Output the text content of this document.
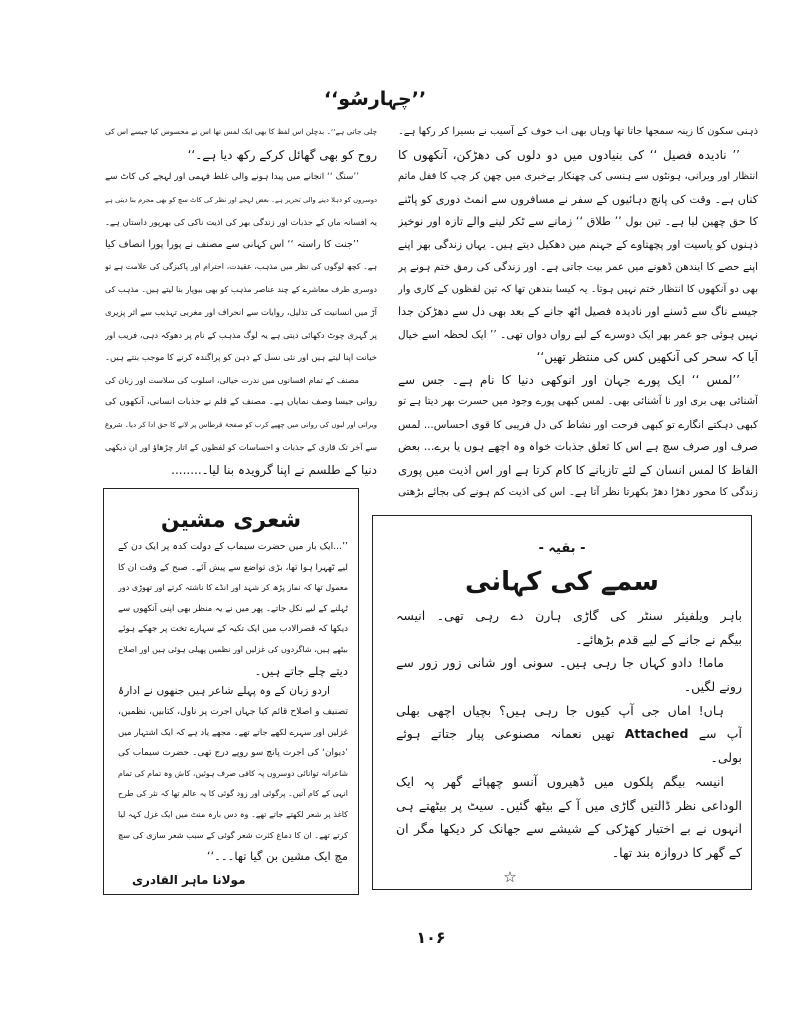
’’چہارسُو‘‘
ذہنی سکون کا زینہ سمجھا جاتا تھا وہاں بھی اب خوف کے آسیب نے بسیرا کر رکھا ہے۔
’’ نادیدہ فصیل ‘‘ کی بنیادوں میں دو دلوں کی دھڑکن، آنکھوں کا
انتظار اور ویرانی، ہونٹوں سے ہنسی کی چھنکار بےخبری میں چھن کر چپ کا قفل ماتم
کناں ہے۔ وقت کی پانچ دہائیوں کے سفر نے مسافروں سے انمٹ دوری کو پاٹنے
کا حق چھین لیا ہے۔ تین بول ’’ طلاق ‘‘ زمانے سے ٹکر لینے والے تازہ اور نوخیز
ذہنوں کو یاسیت اور پچھتاوے کے جہنم میں دھکیل دیتے ہیں۔ یہاں زندگی بھر اپنے
اپنے حصے کا ایندھن ڈھونے میں عمر بیت جاتی ہے۔ اور زندگی کی رمق ختم ہونے پر
بھی دو آنکھوں کا انتظار ختم نہیں ہوتا۔ یہ کیسا بندھن تھا کہ تین لفظوں کے کاری وار
جیسے ناگ سے ڈسنے اور نادیدہ فصیل اٹھ جانے کے بعد بھی دل سے دھڑکن جدا
نہیں ہوئی جو عمر بھر ایک دوسرے کے لیے رواں دواں تھی۔ ’’ ایک لحظہ اسے خیال
آیا کہ سحر کی آنکھیں کس کی منتظر تھیں‘‘
’’لمس ‘‘ ایک پورے جہان اور انوکھی دنیا کا نام ہے۔ جس سے
آشنائی بھی بری اور نا آشنائی بھی۔ لمس کبھی پورے وجود میں حسرت بھر دیتا ہے تو
کبھی دہکتے انگارے تو کبھی فرحت اور نشاط کی دل فریبی کا قوی احساس... لمس
صرف اور صرف سچ ہے اس کا تعلق جذبات خواہ وہ اچھے ہوں یا برے... بعض
الفاظ کا لمس انسان کے لئے تازیانے کا کام کرتا ہے اور اس اذیت میں پوری
زندگی کا محور دھڑا دھڑ بکھرتا نظر آتا ہے۔ اس کی اذیت کم ہونے کی بجائے بڑھتی
چلی جاتی ہے‘‘۔ بدچلن اس لفظ کا بھی ایک لمس تھا اس نے محسوس کیا جیسے اس کی
روح کو بھی گھائل کرکے رکھ دیا ہے۔‘‘
’’سنگ ‘‘ انجانے میں پیدا ہونے والی غلط فہمی اور لہجے کی کاٹ سے
دوسروں کو دہلا دینے والی تحریر ہے۔ بعض لہجے اور نظر کی کاٹ سچ کو بھی مجرم بنا دیتی ہے
یہ افسانہ ماں کے جذبات اور زندگی بھر کی اذیت ناکی کی بھرپور داستان ہے۔
’’جنت کا راستہ ‘‘ اس کہانی سے مصنف نے پورا پورا انصاف کیا
ہے۔ کچھ لوگوں کی نظر میں مذہب، عقیدت، احترام اور پاکیزگی کی علامت ہے تو
دوسری طرف معاشرے کے چند عناصر مذہب کو بھی بیوپار بنا لیتے ہیں۔ مذہب کی
آڑ میں انسانیت کی تذلیل، روایات سے انحراف اور مغربی تہذیب سے اثر پزیری
پر گہری چوٹ دکھائی دیتی ہے یہ لوگ مذہب کے نام پر دھوکہ دہی، فریب اور
خیانت اپنا لیتے ہیں اور نئی نسل کے ذہن کو پراگندہ کرنے کا موجب بنتے ہیں۔
مصنف کے تمام افسانوں میں ندرت خیالی، اسلوب کی سلاست اور زبان کی
روانی جیسا وصف نمایاں ہے۔ مصنف کے قلم نے جذبات انسانی، آنکھوں کی
ویرانی اور لبوں کی روانی میں چھپے کرب کو صفحۂ قرطاس پر لانے کا حق ادا کر دیا۔ شروع
سے آخر تک قاری کے جذبات و احساسات کو لفظوں کے اتار چڑھاؤ اور ان دیکھی
دنیا کے طلسم نے اپنا گرویدہ بنا لیا۔........
- بقیہ -
سمے کی کہانی
باہر ویلفیئر سنٹر کی گاڑی ہارن دے رہی تھی۔ انیسہ
بیگم نے جانے کے لیے قدم بڑھائے۔
ماما! دادو کہاں جا رہی ہیں۔ سونی اور شانی زور زور سے
رونے لگیں۔
ہاں! اماں جی آپ کیوں جا رہی ہیں؟ بچیاں اچھی بھلی
آپ سے Attached تھیں نعمانہ مصنوعی پیار جتاتے ہوئے
بولی۔
انیسہ بیگم پلکوں میں ڈھیروں آنسو چھپائے گھر پہ ایک
الوداعی نظر ڈالتیں گاڑی میں آ کے بیٹھ گئیں۔ سیٹ پر بیٹھتے ہی
انہوں نے بے اختیار کھڑکی کے شیشے سے جھانک کر دیکھا مگر ان
کے گھر کا دروازہ بند تھا۔
☆
شعری مشین
’’...ایک بار میں حضرت سیماب کے دولت کدہ پر ایک دن کے
لیے ٹھہرا ہوا تھا، بڑی تواضع سے پیش آئے۔ صبح کے وقت ان کا
معمول تھا کہ نماز پڑھ کر شہد اور انڈے کا ناشتہ کرتے اور تھوڑی دور
ٹہلنے کے لیے نکل جاتے۔ پھر میں نے یہ منظر بھی اپنی آنکھوں سے
دیکھا کہ قصرالادب میں ایک تکیہ کے سہارے تخت پر جھکے ہوئے
بیٹھے ہیں، شاگردوں کی غزلیں اور نظمیں پھیلی ہوئی ہیں اور اصلاح
دیتے چلے جاتے ہیں۔
اردو زبان کے وہ پہلے شاعر ہیں جنھوں نے ادارۂ
تصنیف و اصلاح قائم کیا جہاں اجرت پر ناول، کتابیں، نظمیں،
غزلیں اور سہرے لکھے جاتے تھے۔ مجھے یاد ہے کہ ایک اشتہار میں
’دیوان‘ کی اجرت پانچ سو روپے درج تھی۔ حضرت سیماب کی
شاعرانہ توانائی دوسروں پہ کافی صرف ہوئیں، کاش وہ تمام کی تمام
انہی کے کام آتیں۔ پرگوئی اور زود گوئی کا یہ عالم تھا کہ نثر کی طرح
کاغذ پر شعر لکھتے جاتے تھے۔ وہ دس بارہ منٹ میں ایک غزل کہہ لیا
کرتے تھے۔ ان کا دماغ کثرت شعر گوئی کے سبب شعر سازی کی سچ
مچ ایک مشین بن گیا تھا۔۔۔‘‘
مولانا ماہر القادری
۱۰۶
